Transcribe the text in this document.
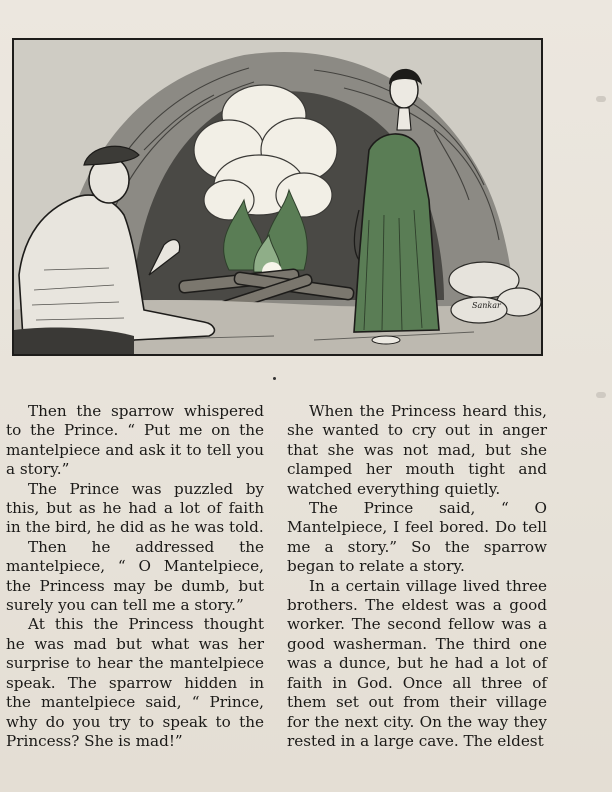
Sankar

Then the sparrow whispered to the Prince. “ Put me on the mantelpiece and ask it to tell you a story.”

The Prince was puzzled by this, but as he had a lot of faith in the bird, he did as he was told.

Then he addressed the mantelpiece, “ O Mantelpiece, the Princess may be dumb, but surely you can tell me a story.”

At this the Princess thought he was mad but what was her surprise to hear the mantelpiece speak. The sparrow hidden in the mantelpiece said, “ Prince, why do you try to speak to the Princess? She is mad!”

When the Princess heard this, she wanted to cry out in anger that she was not mad, but she clamped her mouth tight and watched everything quietly.

The Prince said, “ O Mantelpiece, I feel bored. Do tell me a story.” So the sparrow began to relate a story.

In a certain village lived three brothers. The eldest was a good worker. The second fellow was a good washerman. The third one was a dunce, but he had a lot of faith in God. Once all three of them set out from their village for the next city. On the way they rested in a large cave. The eldest
